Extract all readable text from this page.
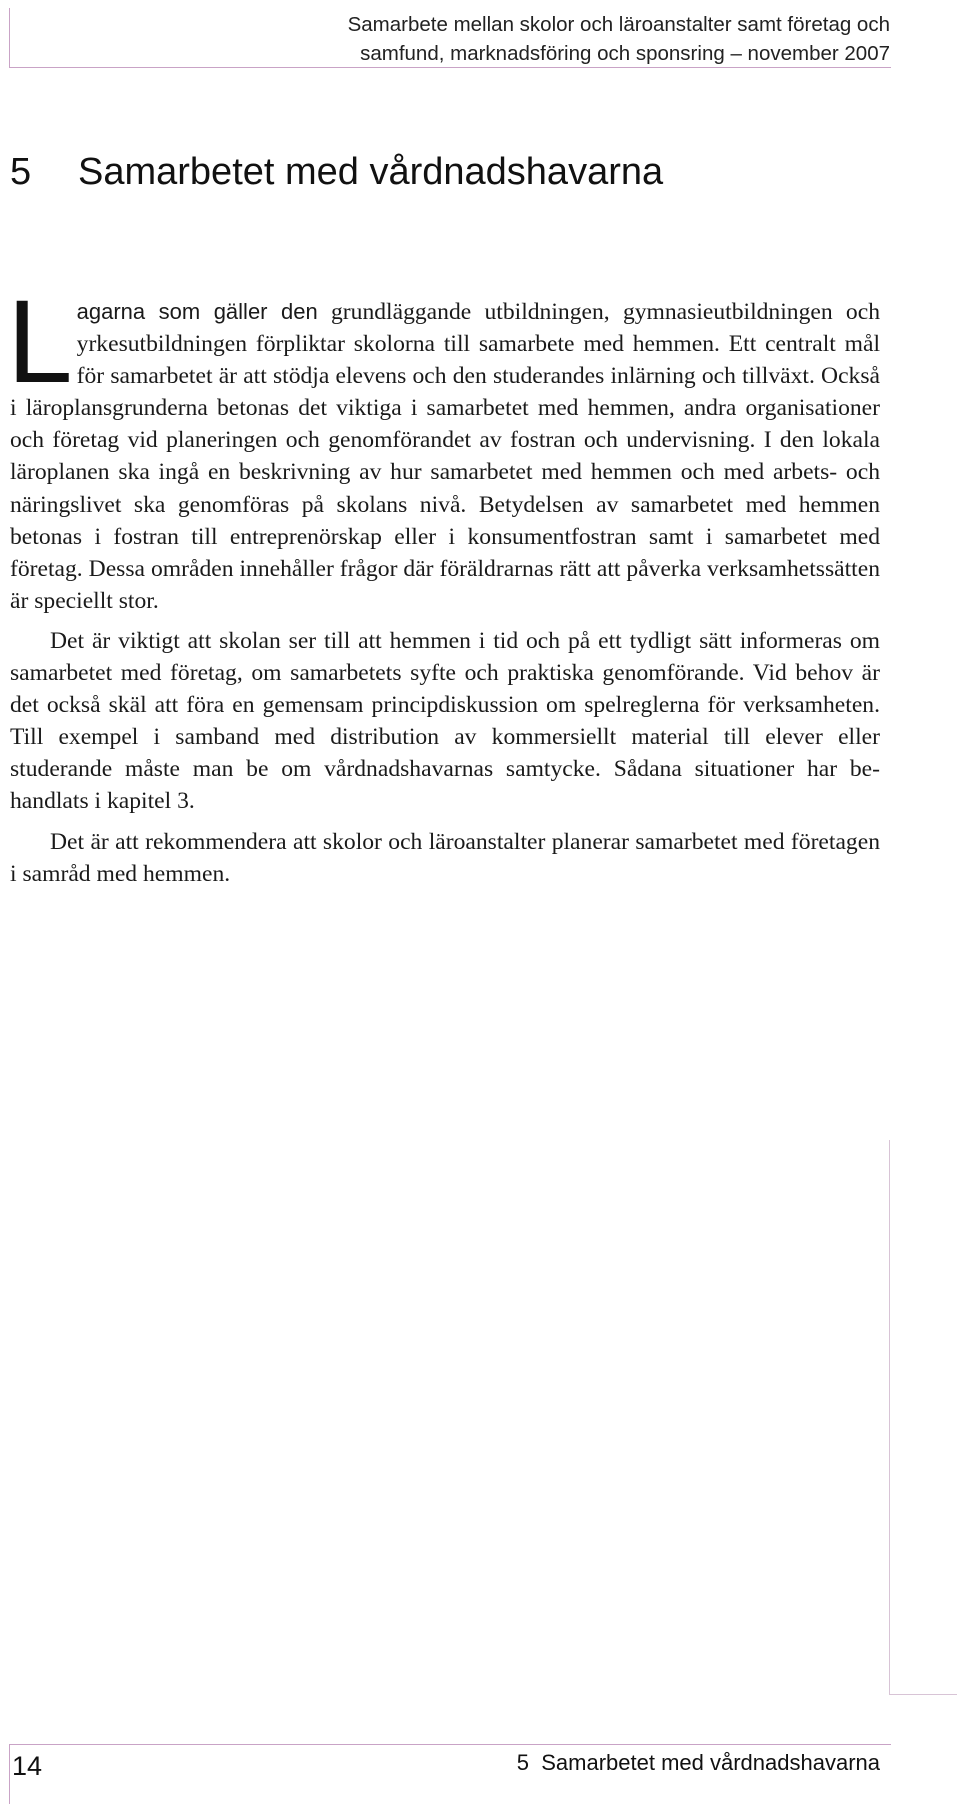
Samarbete mellan skolor och läroanstalter samt företag och
samfund, marknadsföring och sponsring – november 2007
5 Samarbetet med vårdnadshavarna

Lagarna som gäller den grundläggande utbildningen, gymnasieutbildningen och yrkesutbildningen förpliktar skolorna till samarbete med hemmen. Ett centralt mål för samarbetet är att stödja elevens och den studerandes inlärning och tillväxt. Också i läroplansgrunderna betonas det viktiga i samarbetet med hemmen, andra organisationer och företag vid planeringen och genomförandet av fostran och undervisning. I den lokala läroplanen ska ingå en beskrivning av hur samarbetet med hemmen och med arbets- och näringslivet ska genomföras på skolans nivå. Betydelsen av samarbetet med hemmen betonas i fostran till entreprenörskap eller i konsumentfostran samt i samarbetet med företag. Dessa områden innehåller frågor där föräldrarnas rätt att påverka verksamhetssätten är speciellt stor.

Det är viktigt att skolan ser till att hemmen i tid och på ett tydligt sätt informeras om samarbetet med företag, om samarbetets syfte och praktiska genomförande. Vid behov är det också skäl att föra en gemensam principdiskussion om spelreglerna för verksamheten. Till exempel i samband med distribution av kommersiellt material till elever eller studerande måste man be om vårdnadshavarnas samtycke. Sådana situationer har behandlats i kapitel 3.

Det är att rekommendera att skolor och läroanstalter planerar samarbetet med företagen i samråd med hemmen.

14	5  Samarbetet med vårdnadshavarna
